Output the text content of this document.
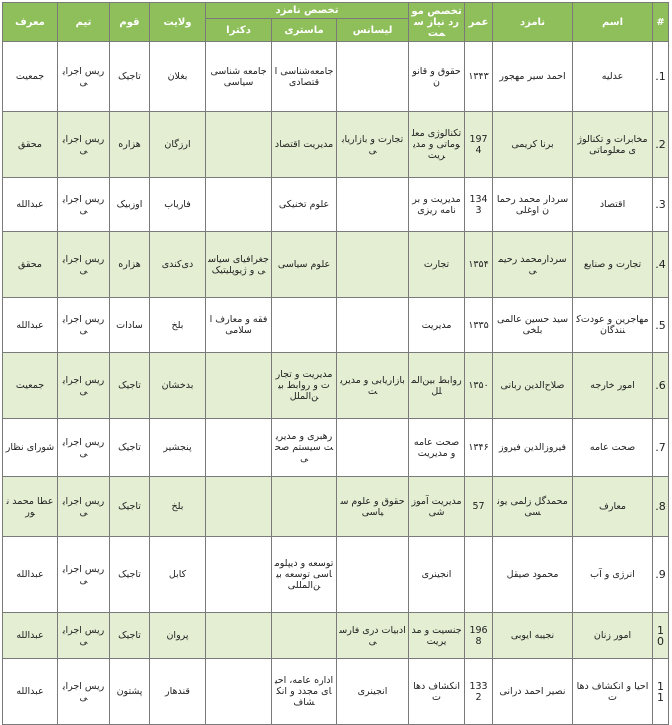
#	اسم	نامزد	عمر	تخصص مورد نیاز سمت	تخصص نامزد			ولایت	قوم	تیم	معرف
					لیسانس	ماستری	دکترا				
1.	عدلیه	احمد سیر مهجور	۱۳۴۳	حقوق و قانون		جامعه‌شناسی اقتصادی	جامعه شناسی سیاسی	بغلان	تاجیک	ریس اجرایی	جمعیت
2.	مخابرات و تکنالوژی معلوماتی	برنا کریمی	1974	تکنالوژی معلوماتی و مدیریت	تجارت و بازاریابی	مدیریت اقتصاد		ارزگان	هزاره	ریس اجرایی	محقق
3.	اقتصاد	سردار محمد رحمان اوغلی	1343	مدیریت و برنامه ریزی		علوم تخنیکی		فاریاب	اوزبیک	ریس اجرایی	عبدالله
4.	تجارت و صنایع	سردارمحمد رحیمی	۱۳۵۴	تجارت		علوم سیاسی	جغرافیای سیاسی و ژیوپلیتیک	دی‌کندی	هزاره	ریس اجرایی	محقق
5.	مهاجرین و عودت‌کنندگان	سید حسین عالمی بلخی	۱۳۳۵	مدیریت			فقه و معارف اسلامی	بلخ	سادات	ریس اجرایی	عبدالله
6.	امور خارجه	صلاح‌الدین ربانی	۱۳۵۰	روابط بین‌الملل	بازاریابی و مدیریت	مدیریت و تجارت و روابط بین‌الملل		بدخشان	تاجیک	ریس اجرایی	جمعیت
7.	صحت عامه	فیروزالدین فیروز	۱۳۴۶	صحت عامه و مدیریت		رهبری و مدیریت سیستم صحی		پنجشیر	تاجیک	ریس اجرایی	شورای نظار
8.	معارف	محمدگل زلمی یونسی	57	مدیریت آموزشی	حقوق و علوم سیاسی			بلخ	تاجیک	ریس اجرایی	عطا محمد نور
9.	انرژی و آب	محمود صیقل		انجینری		توسعه و دیپلوماسی توسعه بین‌المللی		کابل	تاجیک	ریس اجرایی	عبدالله
10	امور زنان	نجیبه ایوبی	1968	جنسیت و مدیریت	ادبیات دری فارسی			پروان	تاجیک	ریس اجرایی	عبدالله
11	احیا و انکشاف دهات	نصیر احمد درانی	1332	انکشاف دهات	انجینری	اداره عامه، احیای مجدد و انکشاف		قندهار	پشتون	ریس اجرایی	عبدالله
